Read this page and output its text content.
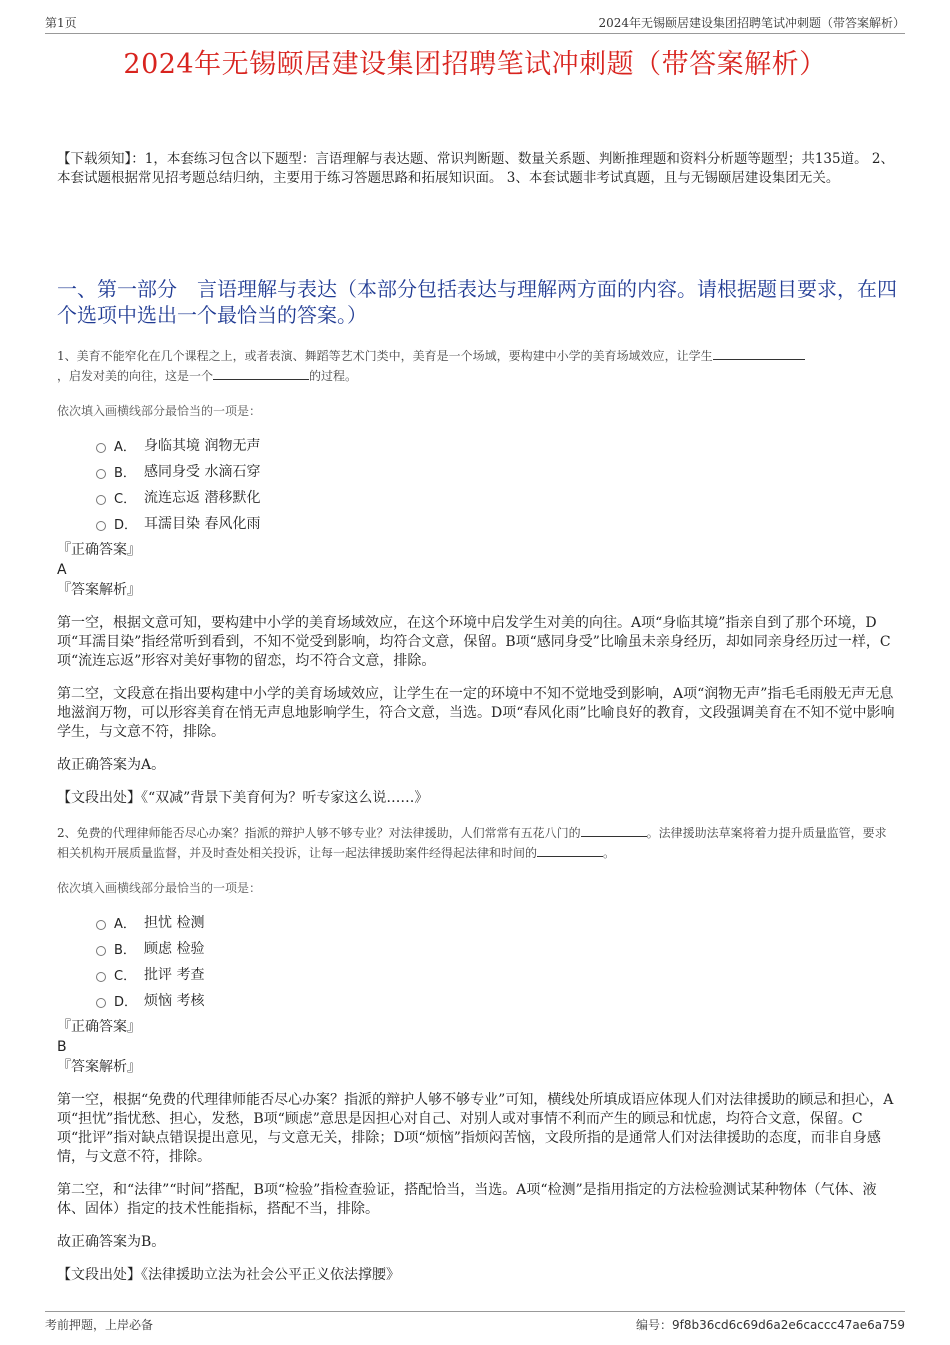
第1页	2024年无锡颐居建设集团招聘笔试冲刺题（带答案解析）
2024年无锡颐居建设集团招聘笔试冲刺题（带答案解析）
【下载须知】：1，本套练习包含以下题型：言语理解与表达题、常识判断题、数量关系题、判断推理题和资料分析题等题型；共135道。 2、本套试题根据常见招考题总结归纳，主要用于练习答题思路和拓展知识面。 3、本套试题非考试真题，且与无锡颐居建设集团无关。
一、第一部分　言语理解与表达（本部分包括表达与理解两方面的内容。请根据题目要求，在四个选项中选出一个最恰当的答案。）
1、美育不能窄化在几个课程之上，或者表演、舞蹈等艺术门类中，美育是一个场域，要构建中小学的美育场域效应，让学生
，启发对美的向往，这是一个	的过程。
依次填入画横线部分最恰当的一项是：
A． 身临其境 润物无声
B． 感同身受 水滴石穿
C． 流连忘返 潜移默化
D． 耳濡目染 春风化雨
『正确答案』
A
『答案解析』
第一空，根据文意可知，要构建中小学的美育场域效应，在这个环境中启发学生对美的向往。A项“身临其境”指亲自到了那个环境，D项“耳濡目染”指经常听到看到，不知不觉受到影响，均符合文意，保留。B项“感同身受”比喻虽未亲身经历，却如同亲身经历过一样，C项“流连忘返”形容对美好事物的留恋，均不符合文意，排除。
第二空，文段意在指出要构建中小学的美育场域效应，让学生在一定的环境中不知不觉地受到影响，A项“润物无声”指毛毛雨般无声无息地滋润万物，可以形容美育在悄无声息地影响学生，符合文意，当选。D项“春风化雨”比喻良好的教育，文段强调美育在不知不觉中影响学生，与文意不符，排除。
故正确答案为A。
【文段出处】《“双减”背景下美育何为？听专家这么说……》
2、免费的代理律师能否尽心办案？指派的辩护人够不够专业？对法律援助，人们常常有五花八门的	。法律援助法草案将着力提升质量监管，要求相关机构开展质量监督，并及时查处相关投诉，让每一起法律援助案件经得起法律和时间的	。
依次填入画横线部分最恰当的一项是：
A． 担忧 检测
B． 顾虑 检验
C． 批评 考查
D． 烦恼 考核
『正确答案』
B
『答案解析』
第一空，根据“免费的代理律师能否尽心办案？指派的辩护人够不够专业”可知，横线处所填成语应体现人们对法律援助的顾忌和担心，A项“担忧”指忧愁、担心，发愁，B项“顾虑”意思是因担心对自己、对别人或对事情不利而产生的顾忌和忧虑，均符合文意，保留。C项“批评”指对缺点错误提出意见，与文意无关，排除；D项“烦恼”指烦闷苦恼，文段所指的是通常人们对法律援助的态度，而非自身感情，与文意不符，排除。
第二空，和“法律”“时间”搭配，B项“检验”指检查验证，搭配恰当，当选。A项“检测”是指用指定的方法检验测试某种物体（气体、液体、固体）指定的技术性能指标，搭配不当，排除。
故正确答案为B。
【文段出处】《法律援助立法为社会公平正义依法撑腰》
考前押题，上岸必备	编号：9f8b36cd6c69d6a2e6caccc47ae6a759
